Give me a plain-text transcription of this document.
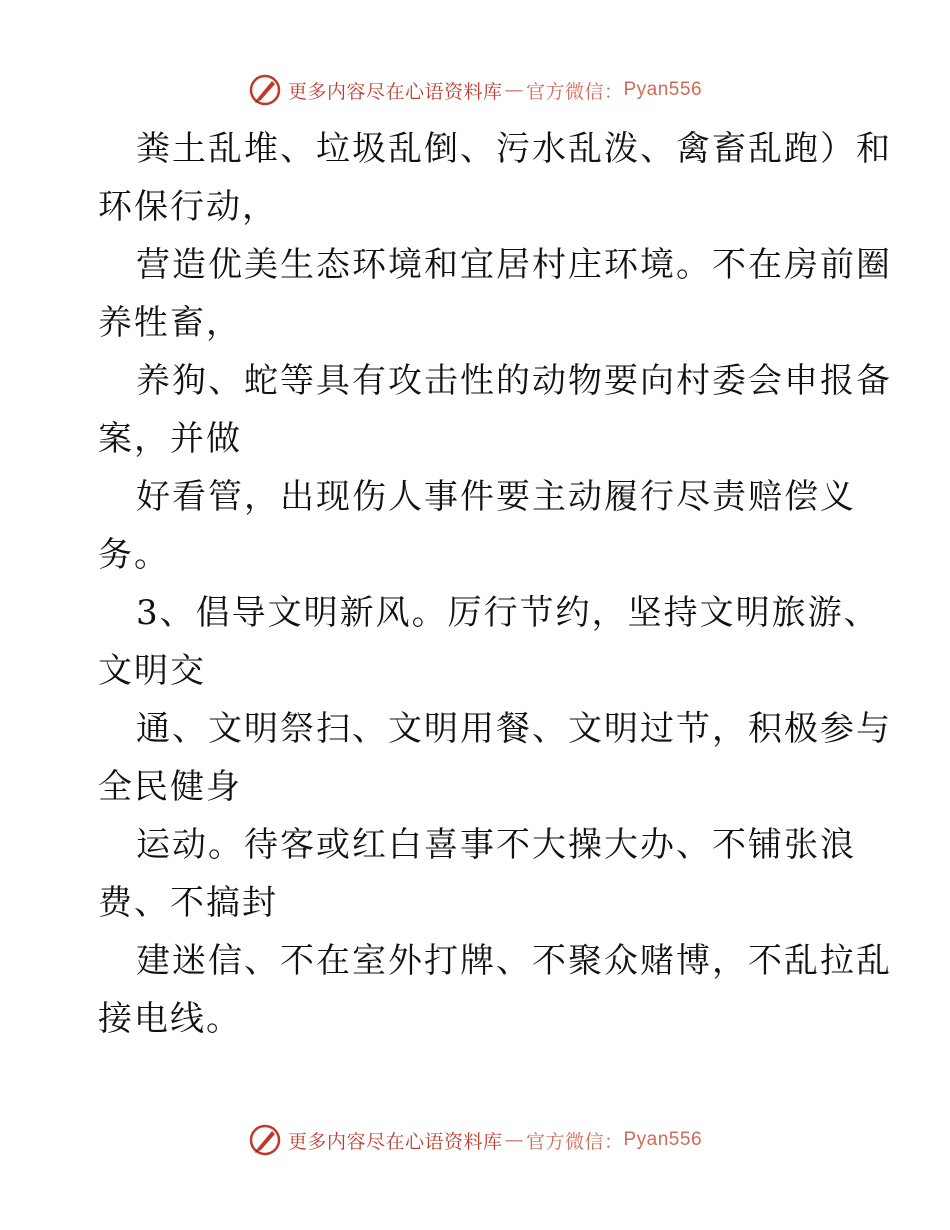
更多内容尽在心语资料库 — 官方微信： Pyan556
粪土乱堆、垃圾乱倒、污水乱泼、禽畜乱跑）和
环保行动，
营造优美生态环境和宜居村庄环境。不在房前圈
养牲畜，
养狗、蛇等具有攻击性的动物要向村委会申报备
案，并做
好看管，出现伤人事件要主动履行尽责赔偿义
务。
3、倡导文明新风。厉行节约，坚持文明旅游、
文明交
通、文明祭扫、文明用餐、文明过节，积极参与
全民健身
运动。待客或红白喜事不大操大办、不铺张浪
费、不搞封
建迷信、不在室外打牌、不聚众赌博，不乱拉乱
接电线。
更多内容尽在心语资料库 — 官方微信： Pyan556
